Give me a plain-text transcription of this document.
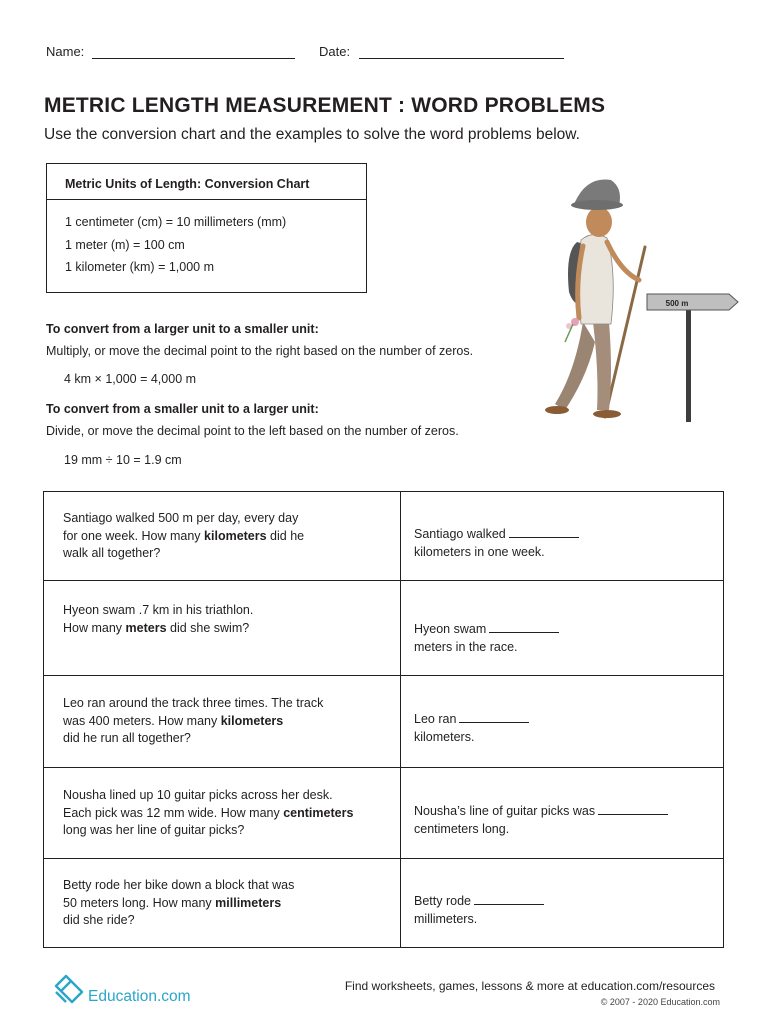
Name:	Date:
METRIC LENGTH MEASUREMENT : WORD PROBLEMS
Use the conversion chart and the examples to solve the word problems below.
Metric Units of Length: Conversion Chart
1 centimeter (cm) = 10 millimeters (mm)
1 meter (m) = 100 cm
1 kilometer (km) = 1,000 m
To convert from a larger unit to a smaller unit:
Multiply, or move the decimal point to the right based on the number of zeros.
4 km × 1,000 = 4,000 m
To convert from a smaller unit to a larger unit:
Divide, or move the decimal point to the left based on the number of zeros.
19 mm ÷ 10 = 1.9 cm
500 m
Santiago walked 500 m per day, every day
for one week. How many kilometers did he
walk all together?
Santiago walked
kilometers in one week.
Hyeon swam .7 km in his triathlon.
How many meters did she swim?	Hyeon swam
meters in the race.
Leo ran around the track three times. The track
was 400 meters. How many kilometers
did he run all together?
Leo ran
kilometers.
Nousha lined up 10 guitar picks across her desk.
Each pick was 12 mm wide. How many centimeters
long was her line of guitar picks?
Nousha’s line of guitar picks was
centimeters long.
Betty rode her bike down a block that was
50 meters long. How many millimeters
did she ride?
Betty rode
millimeters.
Education.com
Find worksheets, games, lessons & more at education.com/resources
© 2007 - 2020 Education.com
